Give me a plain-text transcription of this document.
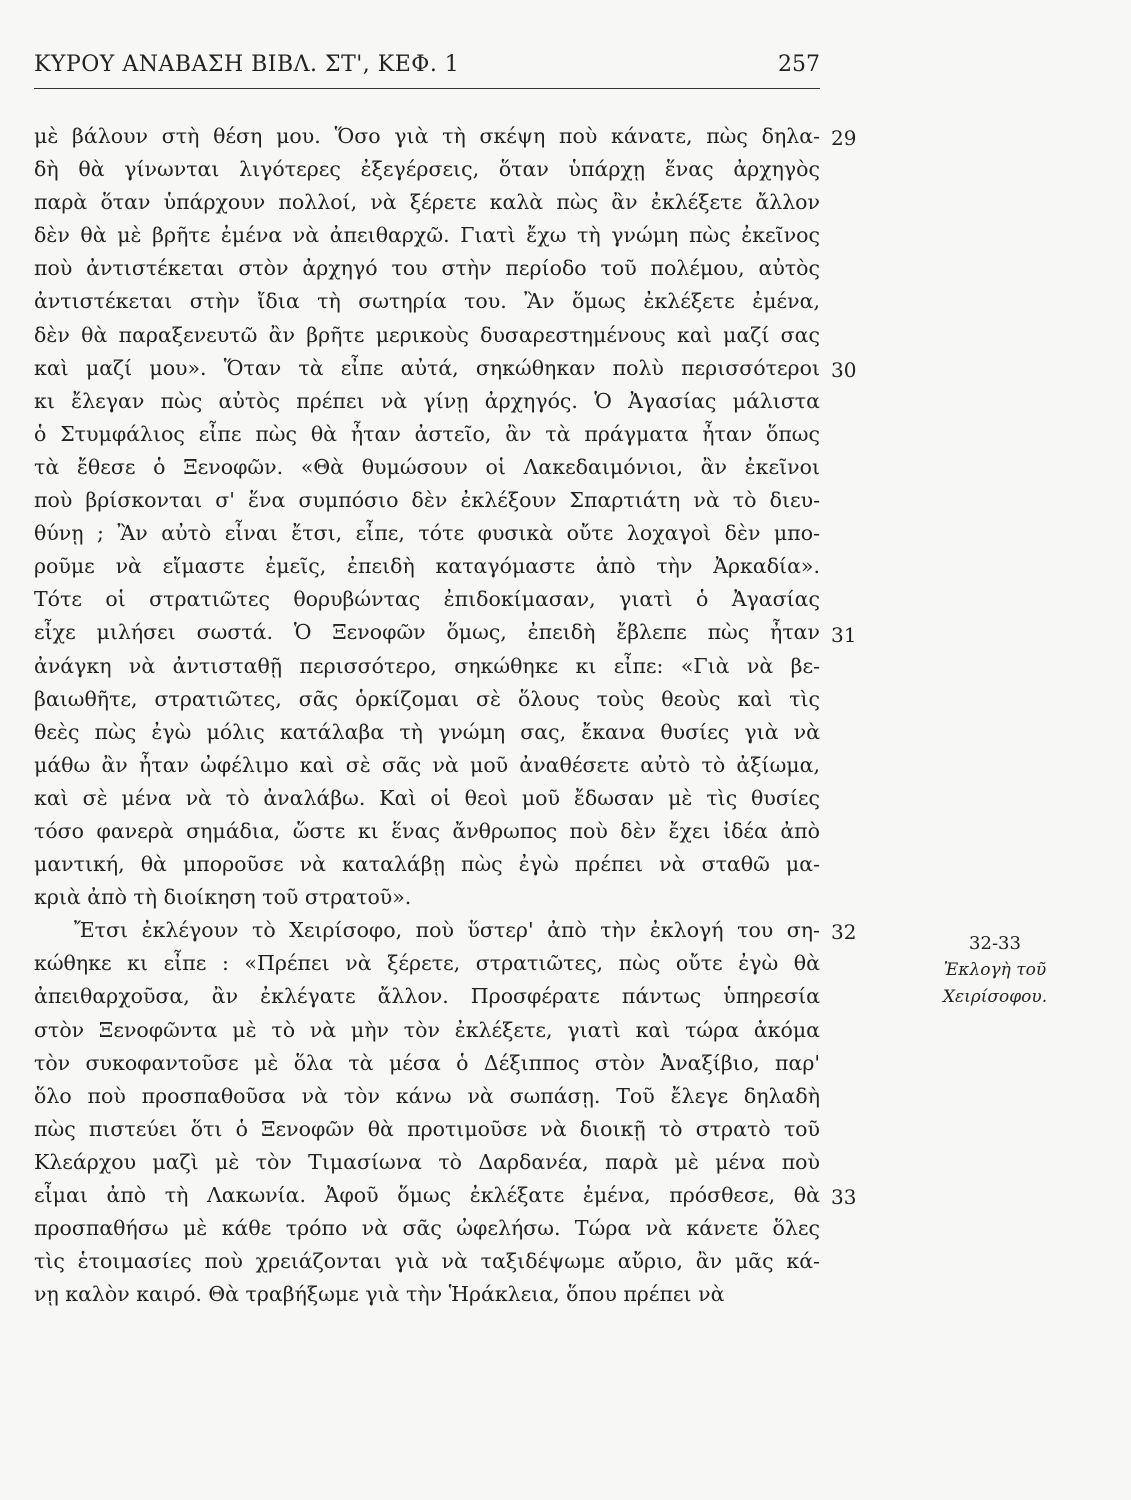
ΚΥΡΟΥ ΑΝΑΒΑΣΗ ΒΙΒΛ. ΣΤ', ΚΕΦ. 1	257
μὲ βάλουν στὴ θέση μου. Ὅσο γιὰ τὴ σκέψη ποὺ κάνατε, πὼς δηλα-
δὴ θὰ γίνωνται λιγότερες ἐξεγέρσεις, ὅταν ὑπάρχῃ ἕνας ἀρχηγὸς
παρὰ ὅταν ὑπάρχουν πολλοί, νὰ ξέρετε καλὰ πὼς ἂν ἐκλέξετε ἄλλον
δὲν θὰ μὲ βρῆτε ἐμένα νὰ ἀπειθαρχῶ. Γιατὶ ἔχω τὴ γνώμη πὼς ἐκεῖνος
ποὺ ἀντιστέκεται στὸν ἀρχηγό του στὴν περίοδο τοῦ πολέμου, αὐτὸς
ἀντιστέκεται στὴν ἴδια τὴ σωτηρία του. Ἂν ὅμως ἐκλέξετε ἐμένα,
δὲν θὰ παραξενευτῶ ἂν βρῆτε μερικοὺς δυσαρεστημένους καὶ μαζί σας
καὶ μαζί μου». Ὅταν τὰ εἶπε αὐτά, σηκώθηκαν πολὺ περισσότεροι
κι ἔλεγαν πὼς αὐτὸς πρέπει νὰ γίνῃ ἀρχηγός. Ὁ Ἀγασίας μάλιστα
ὁ Στυμφάλιος εἶπε πὼς θὰ ἦταν ἀστεῖο, ἂν τὰ πράγματα ἦταν ὅπως
τὰ ἔθεσε ὁ Ξενοφῶν. «Θὰ θυμώσουν οἱ Λακεδαιμόνιοι, ἂν ἐκεῖνοι
ποὺ βρίσκονται σ' ἕνα συμπόσιο δὲν ἐκλέξουν Σπαρτιάτη νὰ τὸ διευ-
θύνῃ ; Ἂν αὐτὸ εἶναι ἔτσι, εἶπε, τότε φυσικὰ οὔτε λοχαγοὶ δὲν μπο-
ροῦμε νὰ εἴμαστε ἐμεῖς, ἐπειδὴ καταγόμαστε ἀπὸ τὴν Ἀρκαδία».
Τότε οἱ στρατιῶτες θορυβώντας ἐπιδοκίμασαν, γιατὶ ὁ Ἀγασίας
εἶχε μιλήσει σωστά. Ὁ Ξενοφῶν ὅμως, ἐπειδὴ ἔβλεπε πὼς ἦταν
ἀνάγκη νὰ ἀντισταθῇ περισσότερο, σηκώθηκε κι εἶπε: «Γιὰ νὰ βε-
βαιωθῆτε, στρατιῶτες, σᾶς ὁρκίζομαι σὲ ὅλους τοὺς θεοὺς καὶ τὶς
θεὲς πὼς ἐγὼ μόλις κατάλαβα τὴ γνώμη σας, ἔκανα θυσίες γιὰ νὰ
μάθω ἂν ἦταν ὠφέλιμο καὶ σὲ σᾶς νὰ μοῦ ἀναθέσετε αὐτὸ τὸ ἀξίωμα,
καὶ σὲ μένα νὰ τὸ ἀναλάβω. Καὶ οἱ θεοὶ μοῦ ἔδωσαν μὲ τὶς θυσίες
τόσο φανερὰ σημάδια, ὥστε κι ἕνας ἄνθρωπος ποὺ δὲν ἔχει ἰδέα ἀπὸ
μαντική, θὰ μποροῦσε νὰ καταλάβῃ πὼς ἐγὼ πρέπει νὰ σταθῶ μα-
κριὰ ἀπὸ τὴ διοίκηση τοῦ στρατοῦ».
Ἔτσι ἐκλέγουν τὸ Χειρίσοφο, ποὺ ὕστερ' ἀπὸ τὴν ἐκλογή του ση-
κώθηκε κι εἶπε : «Πρέπει νὰ ξέρετε, στρατιῶτες, πὼς οὔτε ἐγὼ θὰ
ἀπειθαρχοῦσα, ἂν ἐκλέγατε ἄλλον. Προσφέρατε πάντως ὑπηρεσία
στὸν Ξενοφῶντα μὲ τὸ νὰ μὴν τὸν ἐκλέξετε, γιατὶ καὶ τώρα ἀκόμα
τὸν συκοφαντοῦσε μὲ ὅλα τὰ μέσα ὁ Δέξιππος στὸν Ἀναξίβιο, παρ'
ὅλο ποὺ προσπαθοῦσα νὰ τὸν κάνω νὰ σωπάσῃ. Τοῦ ἔλεγε δηλαδὴ
πὼς πιστεύει ὅτι ὁ Ξενοφῶν θὰ προτιμοῦσε νὰ διοικῇ τὸ στρατὸ τοῦ
Κλεάρχου μαζὶ μὲ τὸν Τιμασίωνα τὸ Δαρδανέα, παρὰ μὲ μένα ποὺ
εἶμαι ἀπὸ τὴ Λακωνία. Ἀφοῦ ὅμως ἐκλέξατε ἐμένα, πρόσθεσε, θὰ
προσπαθήσω μὲ κάθε τρόπο νὰ σᾶς ὠφελήσω. Τώρα νὰ κάνετε ὅλες
τὶς ἑτοιμασίες ποὺ χρειάζονται γιὰ νὰ ταξιδέψωμε αὔριο, ἂν μᾶς κά-
νῃ καλὸν καιρό. Θὰ τραβήξωμε γιὰ τὴν Ἡράκλεια, ὅπου πρέπει νὰ
32-33
Ἐκλογὴ τοῦ
Χειρίσοφου.
29
30
31
32
33
